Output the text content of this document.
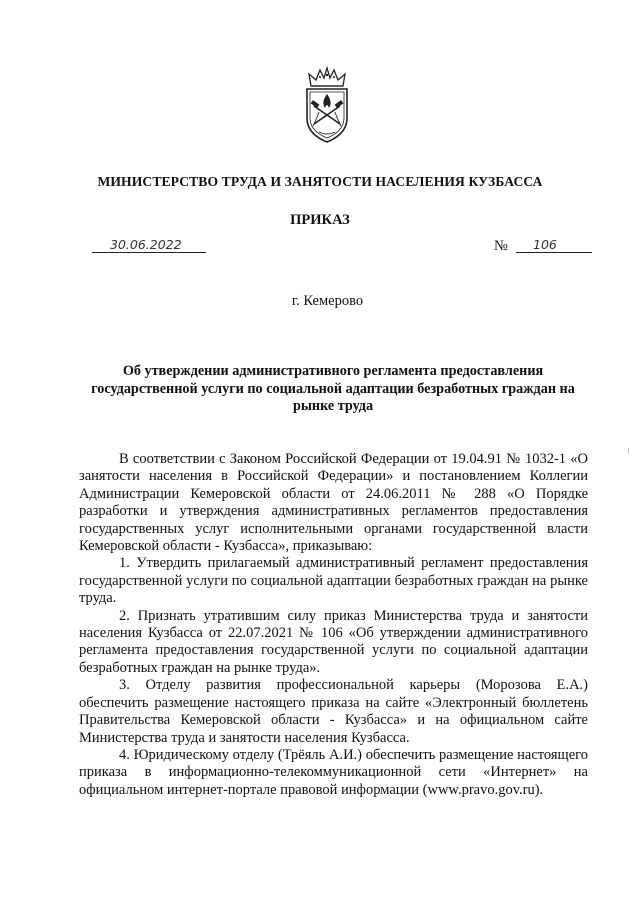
МИНИСТЕРСТВО ТРУДА И ЗАНЯТОСТИ НАСЕЛЕНИЯ КУЗБАССА
ПРИКАЗ
30.06.2022	№ 106
г. Кемерово
Об утверждении административного регламента предоставления государственной услуги по социальной адаптации безработных граждан на рынке труда

В соответствии с Законом Российской Федерации от 19.04.91 № 1032-1 «О занятости населения в Российской Федерации» и постановлением Коллегии Администрации Кемеровской области от 24.06.2011 № 288 «О Порядке разработки и утверждения административных регламентов предоставления государственных услуг исполнительными органами государственной власти Кемеровской области - Кузбасса», приказываю:

1. Утвердить прилагаемый административный регламент предоставления государственной услуги по социальной адаптации безработных граждан на рынке труда.

2. Признать утратившим силу приказ Министерства труда и занятости населения Кузбасса от 22.07.2021 № 106 «Об утверждении административного регламента предоставления государственной услуги по социальной адаптации безработных граждан на рынке труда».

3. Отделу развития профессиональной карьеры (Морозова Е.А.) обеспечить размещение настоящего приказа на сайте «Электронный бюллетень Правительства Кемеровской области - Кузбасса» и на официальном сайте Министерства труда и занятости населения Кузбасса.

4. Юридическому отделу (Трёяль А.И.) обеспечить размещение настоящего приказа в информационно-телекоммуникационной сети «Интернет» на официальном интернет-портале правовой информации (www.pravo.gov.ru).
